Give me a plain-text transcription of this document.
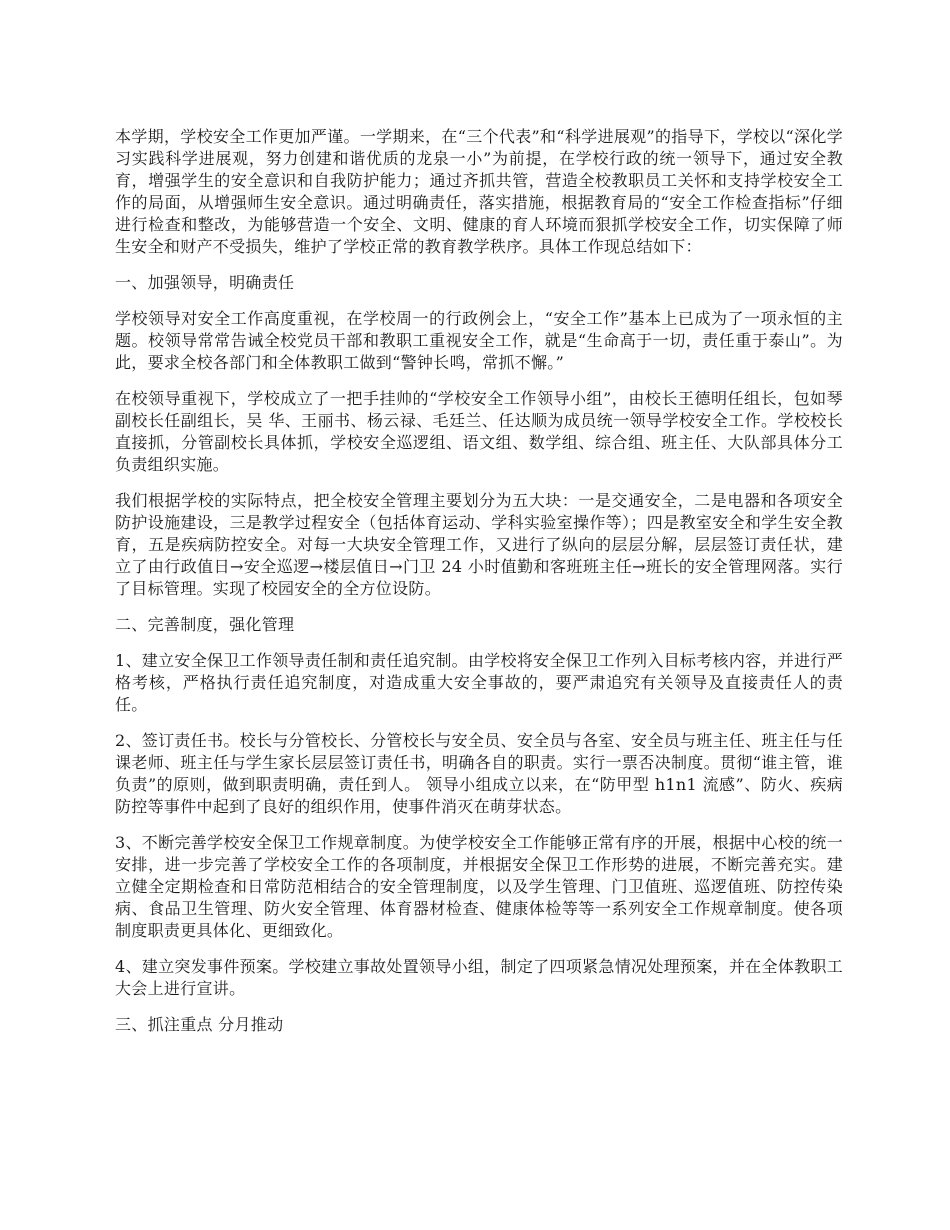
本学期，学校安全工作更加严谨。一学期来，在“三个代表”和“科学进展观”的指导下，学校以“深化学习实践科学进展观，努力创建和谐优质的龙泉一小”为前提，在学校行政的统一领导下，通过安全教育，增强学生的安全意识和自我防护能力；通过齐抓共管，营造全校教职员工关怀和支持学校安全工作的局面，从增强师生安全意识。通过明确责任，落实措施，根据教育局的“安全工作检查指标”仔细进行检查和整改，为能够营造一个安全、文明、健康的育人环境而狠抓学校安全工作，切实保障了师生安全和财产不受损失，维护了学校正常的教育教学秩序。具体工作现总结如下：

一、加强领导，明确责任

学校领导对安全工作高度重视，在学校周一的行政例会上，“安全工作”基本上已成为了一项永恒的主题。校领导常常告诫全校党员干部和教职工重视安全工作，就是“生命高于一切，责任重于泰山”。为此，要求全校各部门和全体教职工做到“警钟长鸣，常抓不懈。”

在校领导重视下，学校成立了一把手挂帅的“学校安全工作领导小组”，由校长王德明任组长，包如琴副校长任副组长，吴 华、王丽书、杨云禄、毛廷兰、任达顺为成员统一领导学校安全工作。学校校长直接抓，分管副校长具体抓，学校安全巡逻组、语文组、数学组、综合组、班主任、大队部具体分工负责组织实施。

我们根据学校的实际特点，把全校安全管理主要划分为五大块：一是交通安全，二是电器和各项安全防护设施建设，三是教学过程安全（包括体育运动、学科实验室操作等）；四是教室安全和学生安全教育，五是疾病防控安全。对每一大块安全管理工作，又进行了纵向的层层分解，层层签订责任状，建立了由行政值日→安全巡逻→楼层值日→门卫 24 小时值勤和客班班主任→班长的安全管理网落。实行了目标管理。实现了校园安全的全方位设防。

二、完善制度，强化管理

1、建立安全保卫工作领导责任制和责任追究制。由学校将安全保卫工作列入目标考核内容，并进行严格考核，严格执行责任追究制度，对造成重大安全事故的，要严肃追究有关领导及直接责任人的责任。

2、签订责任书。校长与分管校长、分管校长与安全员、安全员与各室、安全员与班主任、班主任与任课老师、班主任与学生家长层层签订责任书，明确各自的职责。实行一票否决制度。贯彻“谁主管，谁负责”的原则，做到职责明确，责任到人。 领导小组成立以来，在“防甲型 h1n1 流感”、防火、疾病防控等事件中起到了良好的组织作用，使事件消灭在萌芽状态。

3、不断完善学校安全保卫工作规章制度。为使学校安全工作能够正常有序的开展，根据中心校的统一安排，进一步完善了学校安全工作的各项制度，并根据安全保卫工作形势的进展，不断完善充实。建立健全定期检查和日常防范相结合的安全管理制度，以及学生管理、门卫值班、巡逻值班、防控传染病、食品卫生管理、防火安全管理、体育器材检查、健康体检等等一系列安全工作规章制度。使各项制度职责更具体化、更细致化。

4、建立突发事件预案。学校建立事故处置领导小组，制定了四项紧急情况处理预案，并在全体教职工大会上进行宣讲。

三、抓注重点 分月推动
